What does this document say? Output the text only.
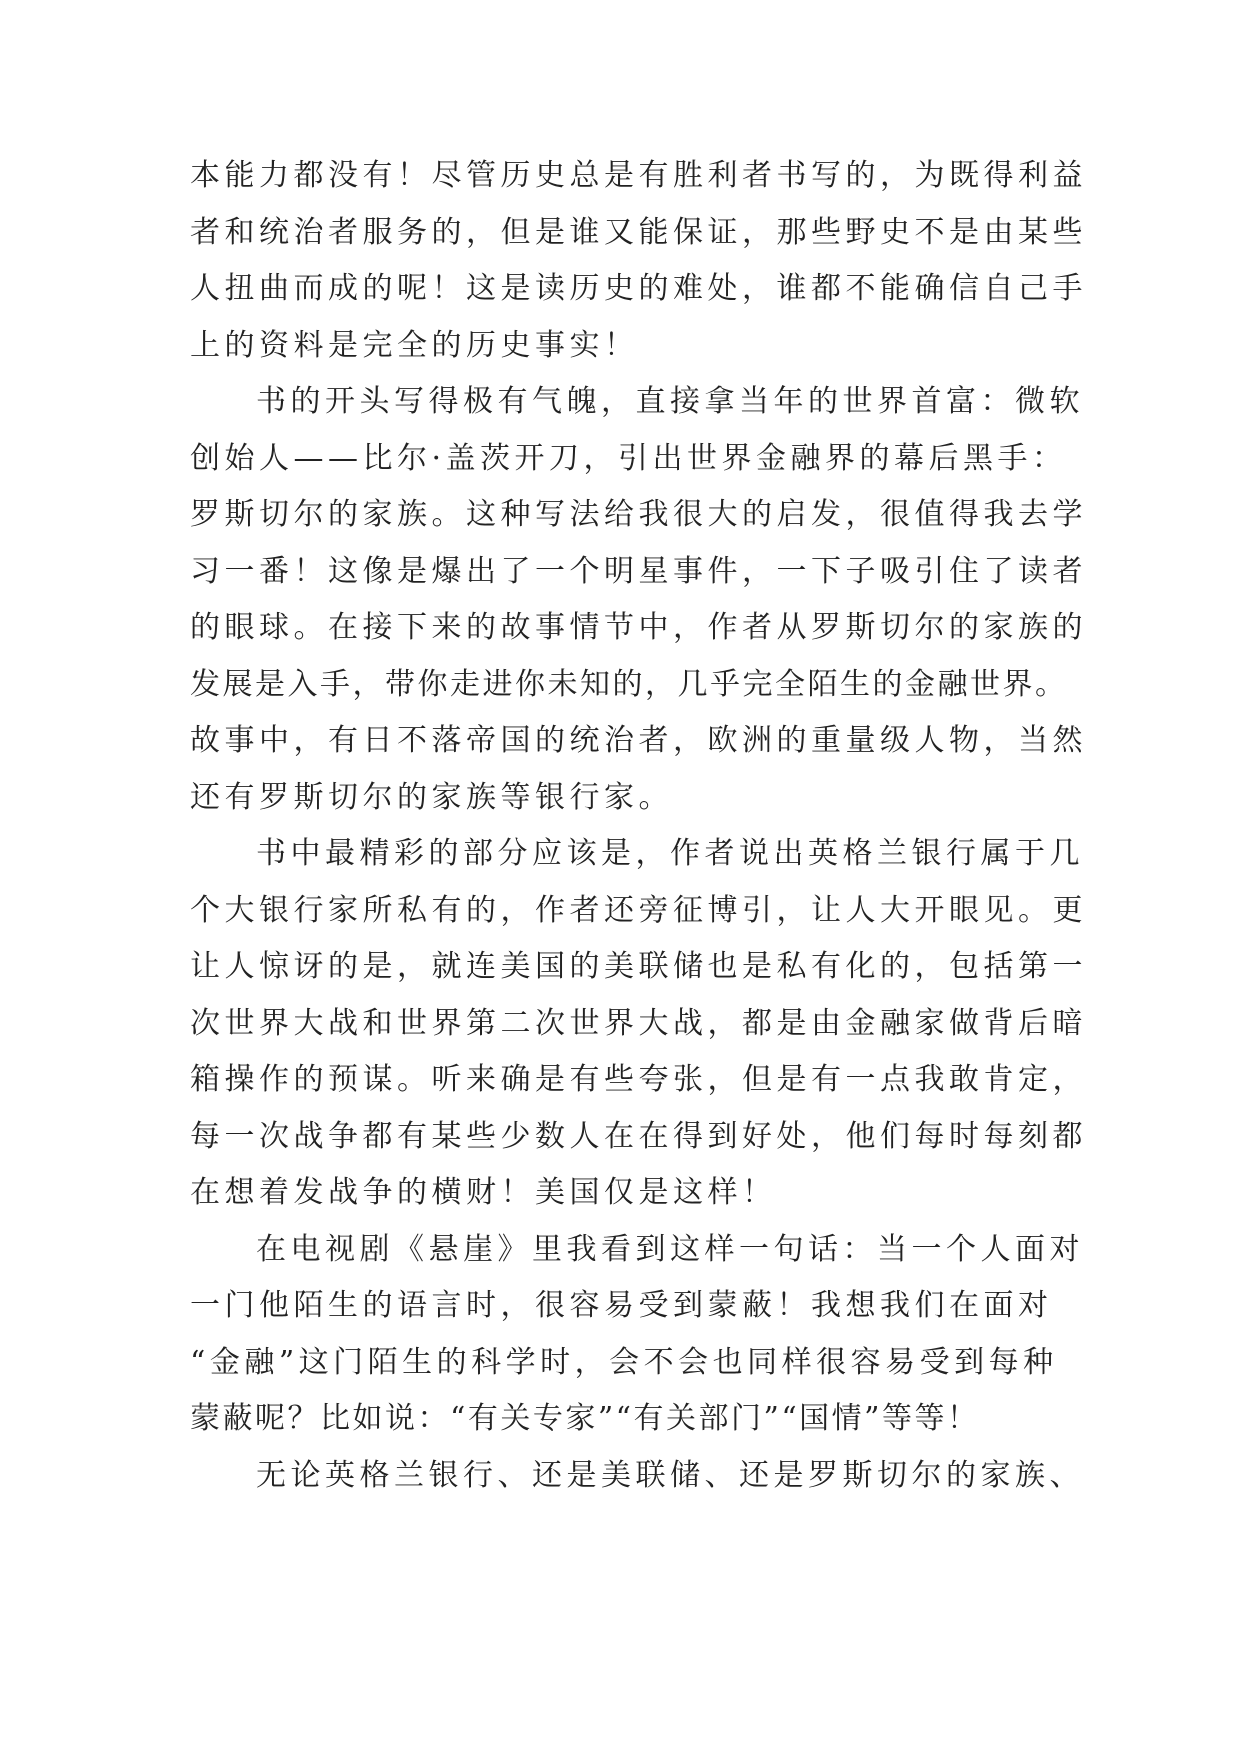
本能力都没有！尽管历史总是有胜利者书写的，为既得利益
者和统治者服务的，但是谁又能保证，那些野史不是由某些
人扭曲而成的呢！这是读历史的难处，谁都不能确信自己手
上的资料是完全的历史事实！
书的开头写得极有气魄，直接拿当年的世界首富：微软
创始人——比尔·盖茨开刀，引出世界金融界的幕后黑手：
罗斯切尔的家族。这种写法给我很大的启发，很值得我去学
习一番！这像是爆出了一个明星事件，一下子吸引住了读者
的眼球。在接下来的故事情节中，作者从罗斯切尔的家族的
发展是入手，带你走进你未知的，几乎完全陌生的金融世界。
故事中，有日不落帝国的统治者，欧洲的重量级人物，当然
还有罗斯切尔的家族等银行家。
书中最精彩的部分应该是，作者说出英格兰银行属于几
个大银行家所私有的，作者还旁征博引，让人大开眼见。更
让人惊讶的是，就连美国的美联储也是私有化的，包括第一
次世界大战和世界第二次世界大战，都是由金融家做背后暗
箱操作的预谋。听来确是有些夸张，但是有一点我敢肯定，
每一次战争都有某些少数人在在得到好处，他们每时每刻都
在想着发战争的横财！美国仅是这样！
在电视剧《悬崖》里我看到这样一句话：当一个人面对
一门他陌生的语言时，很容易受到蒙蔽！我想我们在面对
“金融”这门陌生的科学时，会不会也同样很容易受到每种
蒙蔽呢？比如说：“有关专家”“有关部门”“国情”等等！
无论英格兰银行、还是美联储、还是罗斯切尔的家族、
